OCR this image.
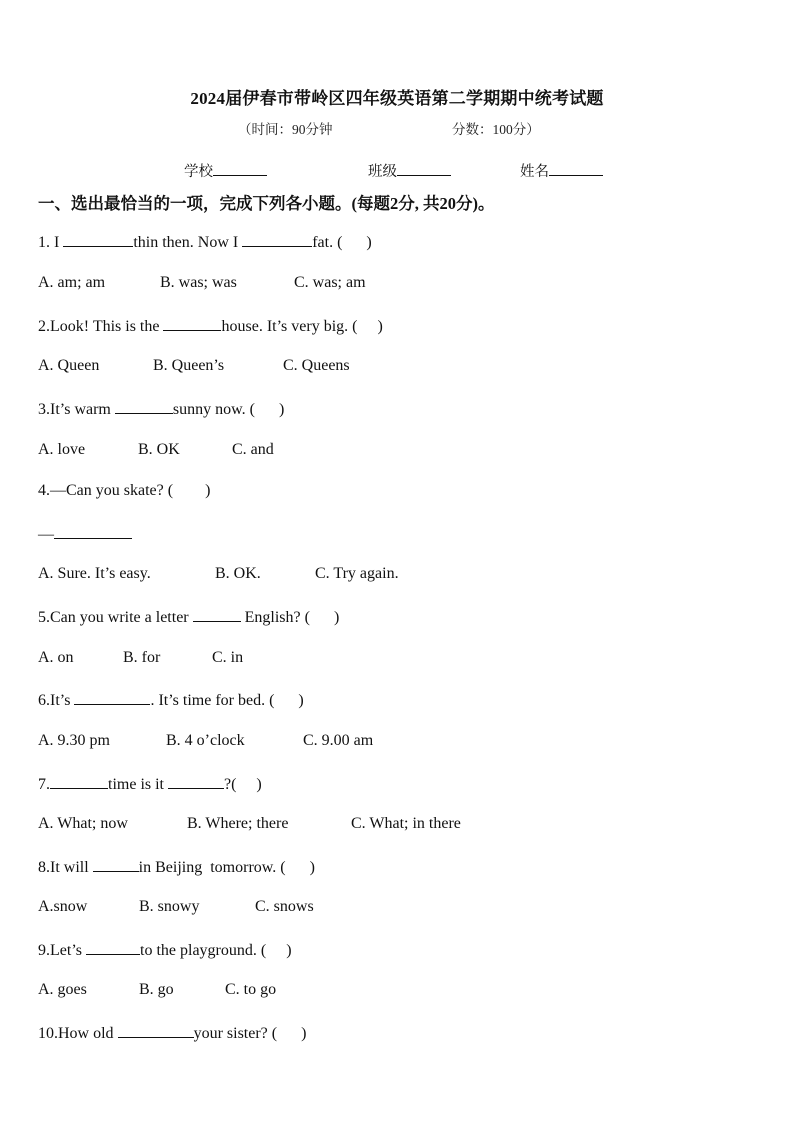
2024届伊春市带岭区四年级英语第二学期期中统考试题
（时间：90分钟	分数：100分）
学校	班级	姓名
一、选出最恰当的一项，完成下列各小题。(每题2分, 共20分)。
1. I	thin then. Now I	fat. (      )
A. am; am	B. was; was	C. was; am
2.Look! This is the	house. It’s very big. (     )
A. Queen	B. Queen’s	C. Queens
3.It’s warm	sunny now. (      )
A. love	B. OK	C. and
4.—Can you skate? (        )
—
A. Sure. It’s easy.	B. OK.	C. Try again.
5.Can you write a letter	English? (      )
A. on	B. for	C. in
6.It’s	. It’s time for bed. (      )
A. 9.30 pm	B. 4 o’clock	C. 9.00 am
7.	time is it	?(     )
A. What; now	B. Where; there	C. What; in there
8.It will	in Beijing  tomorrow. (      )
A.snow	B. snowy	C. snows
9.Let’s	to the playground. (     )
A. goes	B. go	C. to go
10.How old	your sister? (      )
